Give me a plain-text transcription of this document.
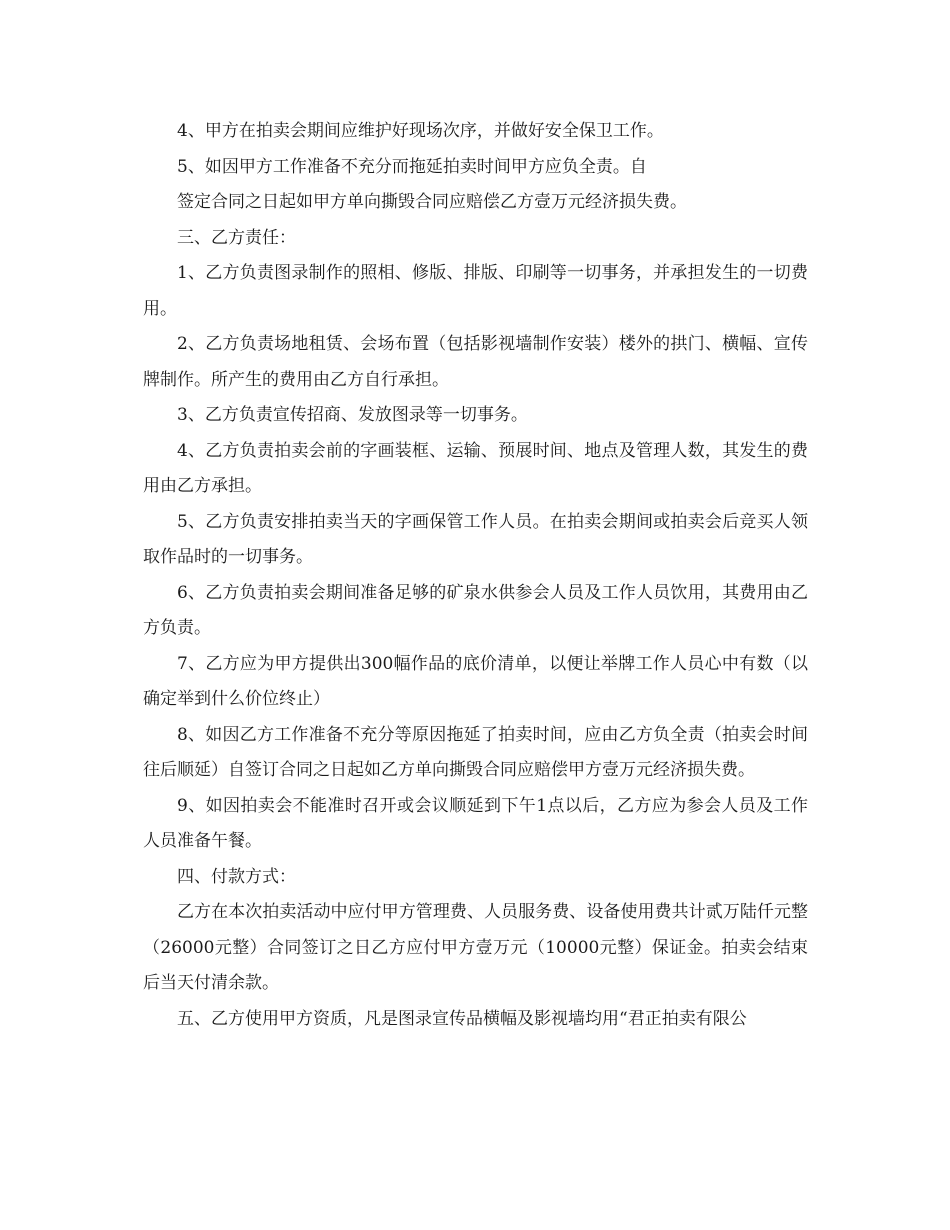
4、甲方在拍卖会期间应维护好现场次序，并做好安全保卫工作。

5、如因甲方工作准备不充分而拖延拍卖时间甲方应负全责。自

签定合同之日起如甲方单向撕毁合同应赔偿乙方壹万元经济损失费。

三、乙方责任：

1、乙方负责图录制作的照相、修版、排版、印刷等一切事务，并承担发生的一切费用。

2、乙方负责场地租赁、会场布置（包括影视墙制作安装）楼外的拱门、横幅、宣传牌制作。所产生的费用由乙方自行承担。

3、乙方负责宣传招商、发放图录等一切事务。

4、乙方负责拍卖会前的字画装框、运输、预展时间、地点及管理人数，其发生的费用由乙方承担。

5、乙方负责安排拍卖当天的字画保管工作人员。在拍卖会期间或拍卖会后竞买人领取作品时的一切事务。

6、乙方负责拍卖会期间准备足够的矿泉水供参会人员及工作人员饮用，其费用由乙方负责。

7、乙方应为甲方提供出300幅作品的底价清单，以便让举牌工作人员心中有数（以确定举到什么价位终止）

8、如因乙方工作准备不充分等原因拖延了拍卖时间，应由乙方负全责（拍卖会时间往后顺延）自签订合同之日起如乙方单向撕毁合同应赔偿甲方壹万元经济损失费。

9、如因拍卖会不能准时召开或会议顺延到下午1点以后，乙方应为参会人员及工作人员准备午餐。

四、付款方式：

乙方在本次拍卖活动中应付甲方管理费、人员服务费、设备使用费共计贰万陆仟元整（26000元整）合同签订之日乙方应付甲方壹万元（10000元整）保证金。拍卖会结束后当天付清余款。

五、乙方使用甲方资质，凡是图录宣传品横幅及影视墙均用“君正拍卖有限公
